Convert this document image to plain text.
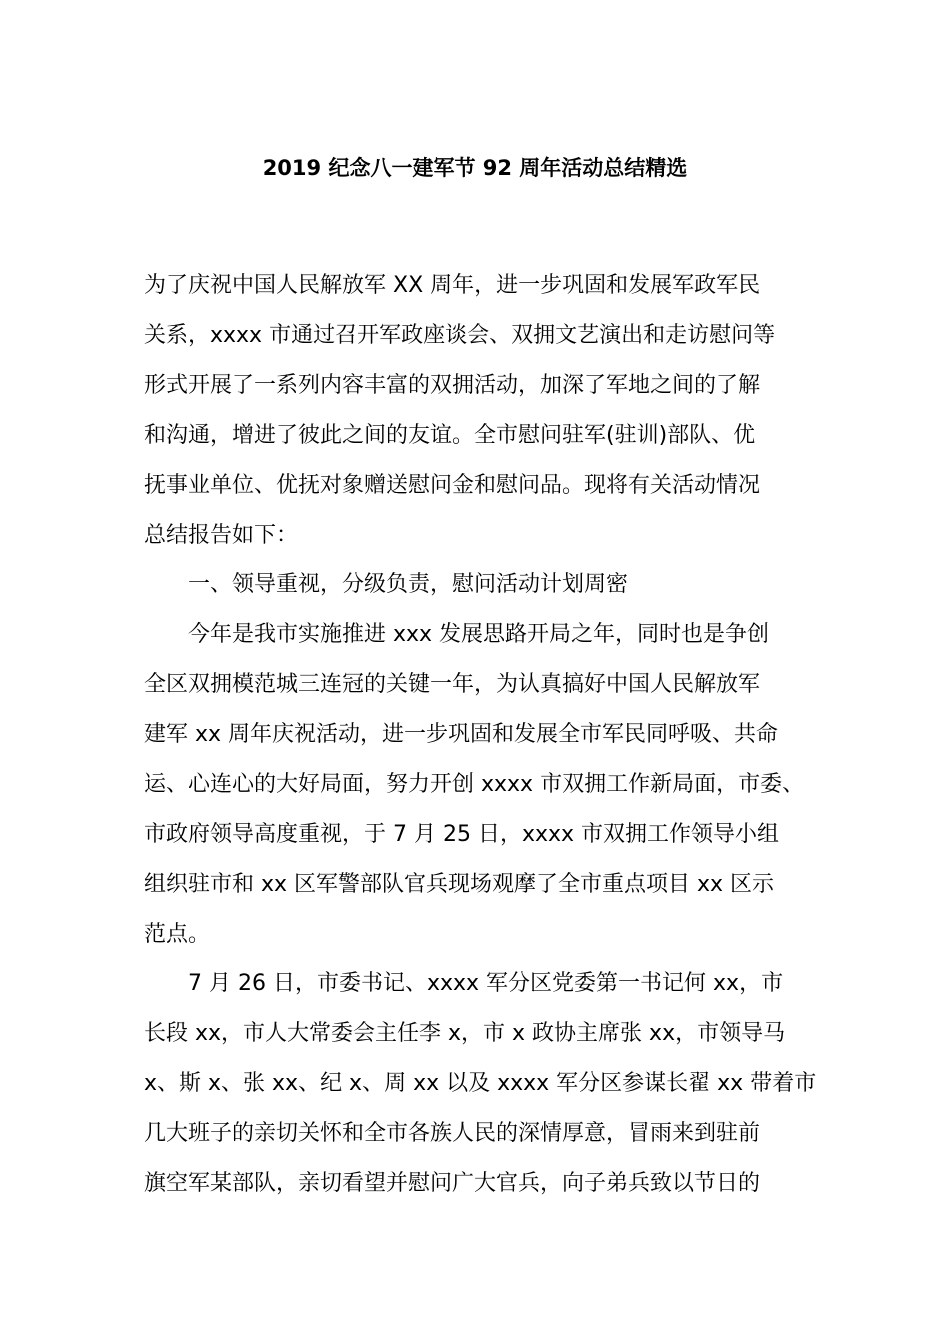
2019 纪念八一建军节 92 周年活动总结精选
为了庆祝中国人民解放军 XX 周年，进一步巩固和发展军政军民
关系，xxxx 市通过召开军政座谈会、双拥文艺演出和走访慰问等
形式开展了一系列内容丰富的双拥活动，加深了军地之间的了解
和沟通，增进了彼此之间的友谊。全市慰问驻军(驻训)部队、优
抚事业单位、优抚对象赠送慰问金和慰问品。现将有关活动情况
总结报告如下：
一、领导重视，分级负责，慰问活动计划周密
今年是我市实施推进 xxx 发展思路开局之年，同时也是争创
全区双拥模范城三连冠的关键一年，为认真搞好中国人民解放军
建军 xx 周年庆祝活动，进一步巩固和发展全市军民同呼吸、共命
运、心连心的大好局面，努力开创 xxxx 市双拥工作新局面，市委、
市政府领导高度重视，于 7 月 25 日，xxxx 市双拥工作领导小组
组织驻市和 xx 区军警部队官兵现场观摩了全市重点项目 xx 区示
范点。
7 月 26 日，市委书记、xxxx 军分区党委第一书记何 xx，市
长段 xx，市人大常委会主任李 x，市 x 政协主席张 xx，市领导马
x、斯 x、张 xx、纪 x、周 xx 以及 xxxx 军分区参谋长翟 xx 带着市
几大班子的亲切关怀和全市各族人民的深情厚意，冒雨来到驻前
旗空军某部队，亲切看望并慰问广大官兵，向子弟兵致以节日的
